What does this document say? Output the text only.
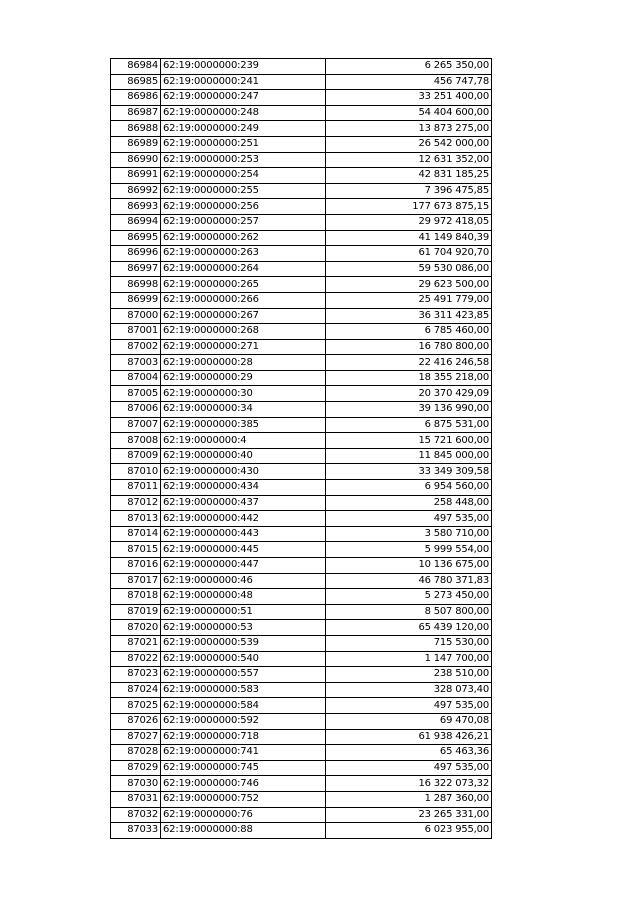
86984	62:19:0000000:239	6 265 350,00
86985	62:19:0000000:241	456 747,78
86986	62:19:0000000:247	33 251 400,00
86987	62:19:0000000:248	54 404 600,00
86988	62:19:0000000:249	13 873 275,00
86989	62:19:0000000:251	26 542 000,00
86990	62:19:0000000:253	12 631 352,00
86991	62:19:0000000:254	42 831 185,25
86992	62:19:0000000:255	7 396 475,85
86993	62:19:0000000:256	177 673 875,15
86994	62:19:0000000:257	29 972 418,05
86995	62:19:0000000:262	41 149 840,39
86996	62:19:0000000:263	61 704 920,70
86997	62:19:0000000:264	59 530 086,00
86998	62:19:0000000:265	29 623 500,00
86999	62:19:0000000:266	25 491 779,00
87000	62:19:0000000:267	36 311 423,85
87001	62:19:0000000:268	6 785 460,00
87002	62:19:0000000:271	16 780 800,00
87003	62:19:0000000:28	22 416 246,58
87004	62:19:0000000:29	18 355 218,00
87005	62:19:0000000:30	20 370 429,09
87006	62:19:0000000:34	39 136 990,00
87007	62:19:0000000:385	6 875 531,00
87008	62:19:0000000:4	15 721 600,00
87009	62:19:0000000:40	11 845 000,00
87010	62:19:0000000:430	33 349 309,58
87011	62:19:0000000:434	6 954 560,00
87012	62:19:0000000:437	258 448,00
87013	62:19:0000000:442	497 535,00
87014	62:19:0000000:443	3 580 710,00
87015	62:19:0000000:445	5 999 554,00
87016	62:19:0000000:447	10 136 675,00
87017	62:19:0000000:46	46 780 371,83
87018	62:19:0000000:48	5 273 450,00
87019	62:19:0000000:51	8 507 800,00
87020	62:19:0000000:53	65 439 120,00
87021	62:19:0000000:539	715 530,00
87022	62:19:0000000:540	1 147 700,00
87023	62:19:0000000:557	238 510,00
87024	62:19:0000000:583	328 073,40
87025	62:19:0000000:584	497 535,00
87026	62:19:0000000:592	69 470,08
87027	62:19:0000000:718	61 938 426,21
87028	62:19:0000000:741	65 463,36
87029	62:19:0000000:745	497 535,00
87030	62:19:0000000:746	16 322 073,32
87031	62:19:0000000:752	1 287 360,00
87032	62:19:0000000:76	23 265 331,00
87033	62:19:0000000:88	6 023 955,00
